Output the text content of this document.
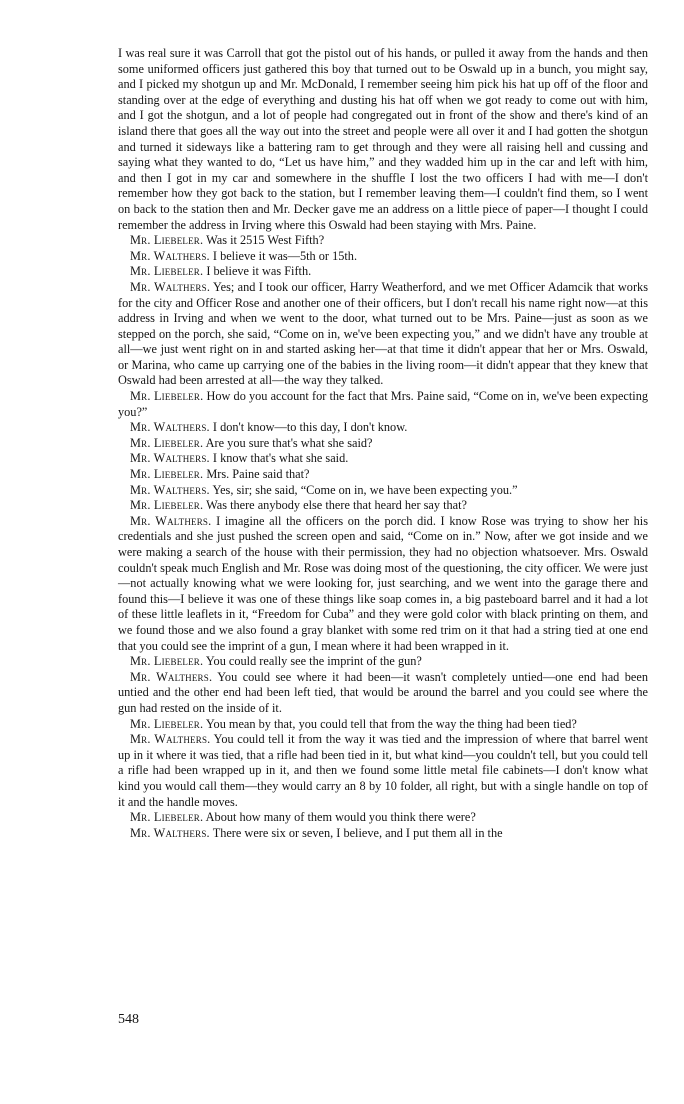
I was real sure it was Carroll that got the pistol out of his hands, or pulled it away from the hands and then some uniformed officers just gathered this boy that turned out to be Oswald up in a bunch, you might say, and I picked my shotgun up and Mr. McDonald, I remember seeing him pick his hat up off of the floor and standing over at the edge of everything and dusting his hat off when we got ready to come out with him, and I got the shotgun, and a lot of people had congregated out in front of the show and there's kind of an island there that goes all the way out into the street and people were all over it and I had gotten the shotgun and turned it sideways like a battering ram to get through and they were all raising hell and cussing and saying what they wanted to do, “Let us have him,” and they wadded him up in the car and left with him, and then I got in my car and somewhere in the shuffle I lost the two officers I had with me—I don't remember how they got back to the station, but I remember leaving them—I couldn't find them, so I went on back to the station then and Mr. Decker gave me an address on a little piece of paper—I thought I could remember the address in Irving where this Oswald had been staying with Mrs. Paine.

Mr. Liebeler. Was it 2515 West Fifth?

Mr. Walthers. I believe it was—5th or 15th.

Mr. Liebeler. I believe it was Fifth.

Mr. Walthers. Yes; and I took our officer, Harry Weatherford, and we met Officer Adamcik that works for the city and Officer Rose and another one of their officers, but I don't recall his name right now—at this address in Irving and when we went to the door, what turned out to be Mrs. Paine—just as soon as we stepped on the porch, she said, “Come on in, we've been expecting you,” and we didn't have any trouble at all—we just went right on in and started asking her—at that time it didn't appear that her or Mrs. Oswald, or Marina, who came up carrying one of the babies in the living room—it didn't appear that they knew that Oswald had been arrested at all—the way they talked.

Mr. Liebeler. How do you account for the fact that Mrs. Paine said, “Come on in, we've been expecting you?”

Mr. Walthers. I don't know—to this day, I don't know.

Mr. Liebeler. Are you sure that's what she said?

Mr. Walthers. I know that's what she said.

Mr. Liebeler. Mrs. Paine said that?

Mr. Walthers. Yes, sir; she said, “Come on in, we have been expecting you.”

Mr. Liebeler. Was there anybody else there that heard her say that?

Mr. Walthers. I imagine all the officers on the porch did. I know Rose was trying to show her his credentials and she just pushed the screen open and said, “Come on in.” Now, after we got inside and we were making a search of the house with their permission, they had no objection whatsoever. Mrs. Oswald couldn't speak much English and Mr. Rose was doing most of the questioning, the city officer. We were just—not actually knowing what we were looking for, just searching, and we went into the garage there and found this—I believe it was one of these things like soap comes in, a big pasteboard barrel and it had a lot of these little leaflets in it, “Freedom for Cuba” and they were gold color with black printing on them, and we found those and we also found a gray blanket with some red trim on it that had a string tied at one end that you could see the imprint of a gun, I mean where it had been wrapped in it.

Mr. Liebeler. You could really see the imprint of the gun?

Mr. Walthers. You could see where it had been—it wasn't completely untied—one end had been untied and the other end had been left tied, that would be around the barrel and you could see where the gun had rested on the inside of it.

Mr. Liebeler. You mean by that, you could tell that from the way the thing had been tied?

Mr. Walthers. You could tell it from the way it was tied and the impression of where that barrel went up in it where it was tied, that a rifle had been tied in it, but what kind—you couldn't tell, but you could tell a rifle had been wrapped up in it, and then we found some little metal file cabinets—I don't know what kind you would call them—they would carry an 8 by 10 folder, all right, but with a single handle on top of it and the handle moves.

Mr. Liebeler. About how many of them would you think there were?

Mr. Walthers. There were six or seven, I believe, and I put them all in the

548
